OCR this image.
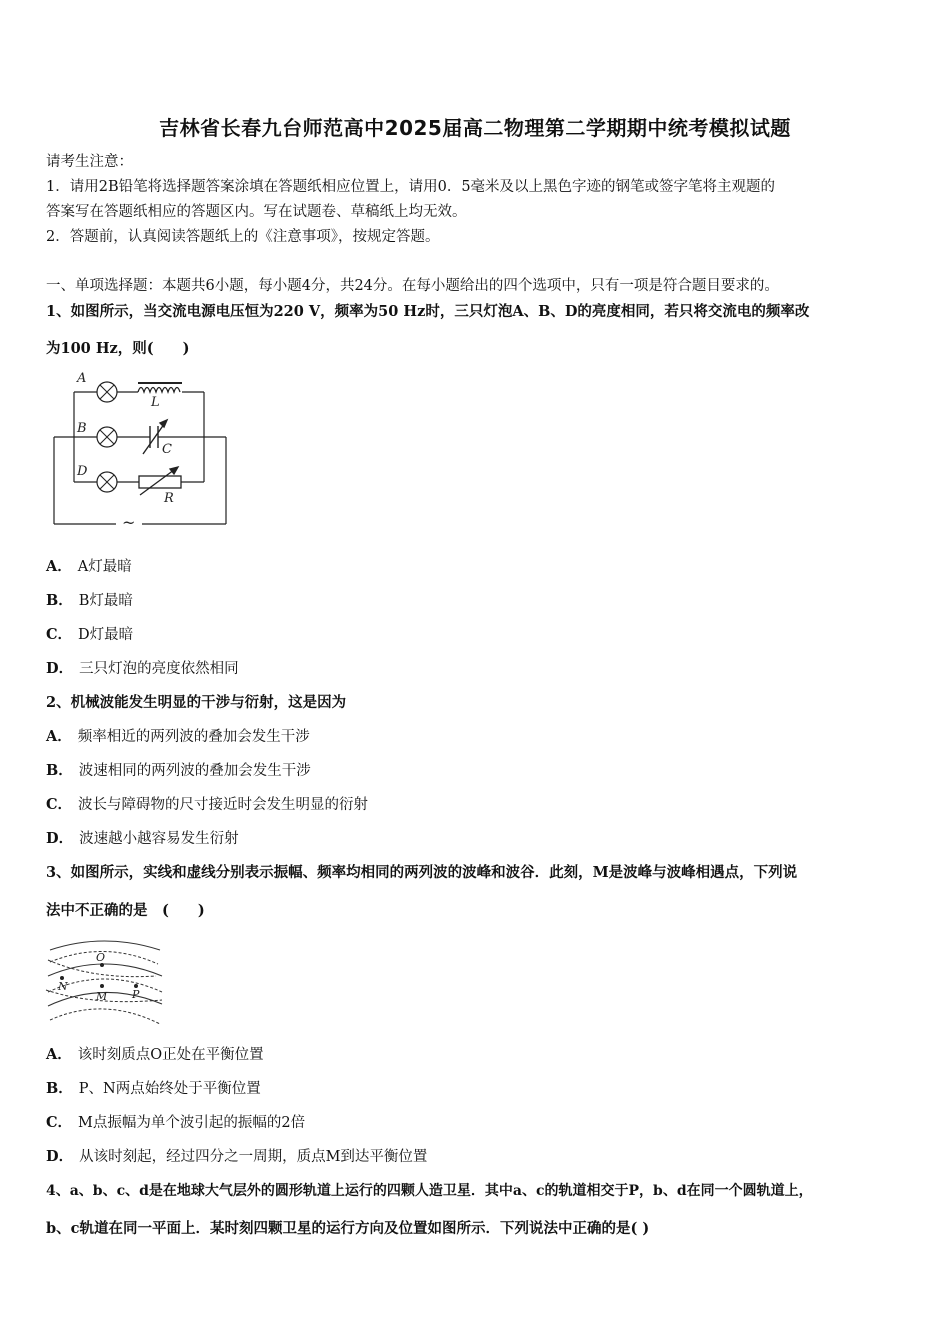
吉林省长春九台师范高中2025届高二物理第二学期期中统考模拟试题
请考生注意：
1．请用2B铅笔将选择题答案涂填在答题纸相应位置上，请用0．5毫米及以上黑色字迹的钢笔或签字笔将主观题的
答案写在答题纸相应的答题区内。写在试题卷、草稿纸上均无效。
2．答题前，认真阅读答题纸上的《注意事项》，按规定答题。
一、单项选择题：本题共6小题，每小题4分，共24分。在每小题给出的四个选项中，只有一项是符合题目要求的。
1、如图所示，当交流电源电压恒为220 V，频率为50 Hz时，三只灯泡A、B、D的亮度相同，若只将交流电的频率改
为100 Hz，则(　　)
A
B
D
L
C
R
~
A． A灯最暗
B． B灯最暗
C． D灯最暗
D． 三只灯泡的亮度依然相同
2、机械波能发生明显的干涉与衍射，这是因为
A． 频率相近的两列波的叠加会发生干涉
B． 波速相同的两列波的叠加会发生干涉
C． 波长与障碍物的尺寸接近时会发生明显的衍射
D． 波速越小越容易发生衍射
3、如图所示，实线和虚线分别表示振幅、频率均相同的两列波的波峰和波谷．此刻，M是波峰与波峰相遇点，下列说
法中不正确的是　(　　)
O
N
M P
A． 该时刻质点O正处在平衡位置
B． P、N两点始终处于平衡位置
C． M点振幅为单个波引起的振幅的2倍
D． 从该时刻起，经过四分之一周期，质点M到达平衡位置
4、a、b、c、d是在地球大气层外的圆形轨道上运行的四颗人造卫星．其中a、c的轨道相交于P，b、d在同一个圆轨道上，
b、c轨道在同一平面上．某时刻四颗卫星的运行方向及位置如图所示．下列说法中正确的是( )
